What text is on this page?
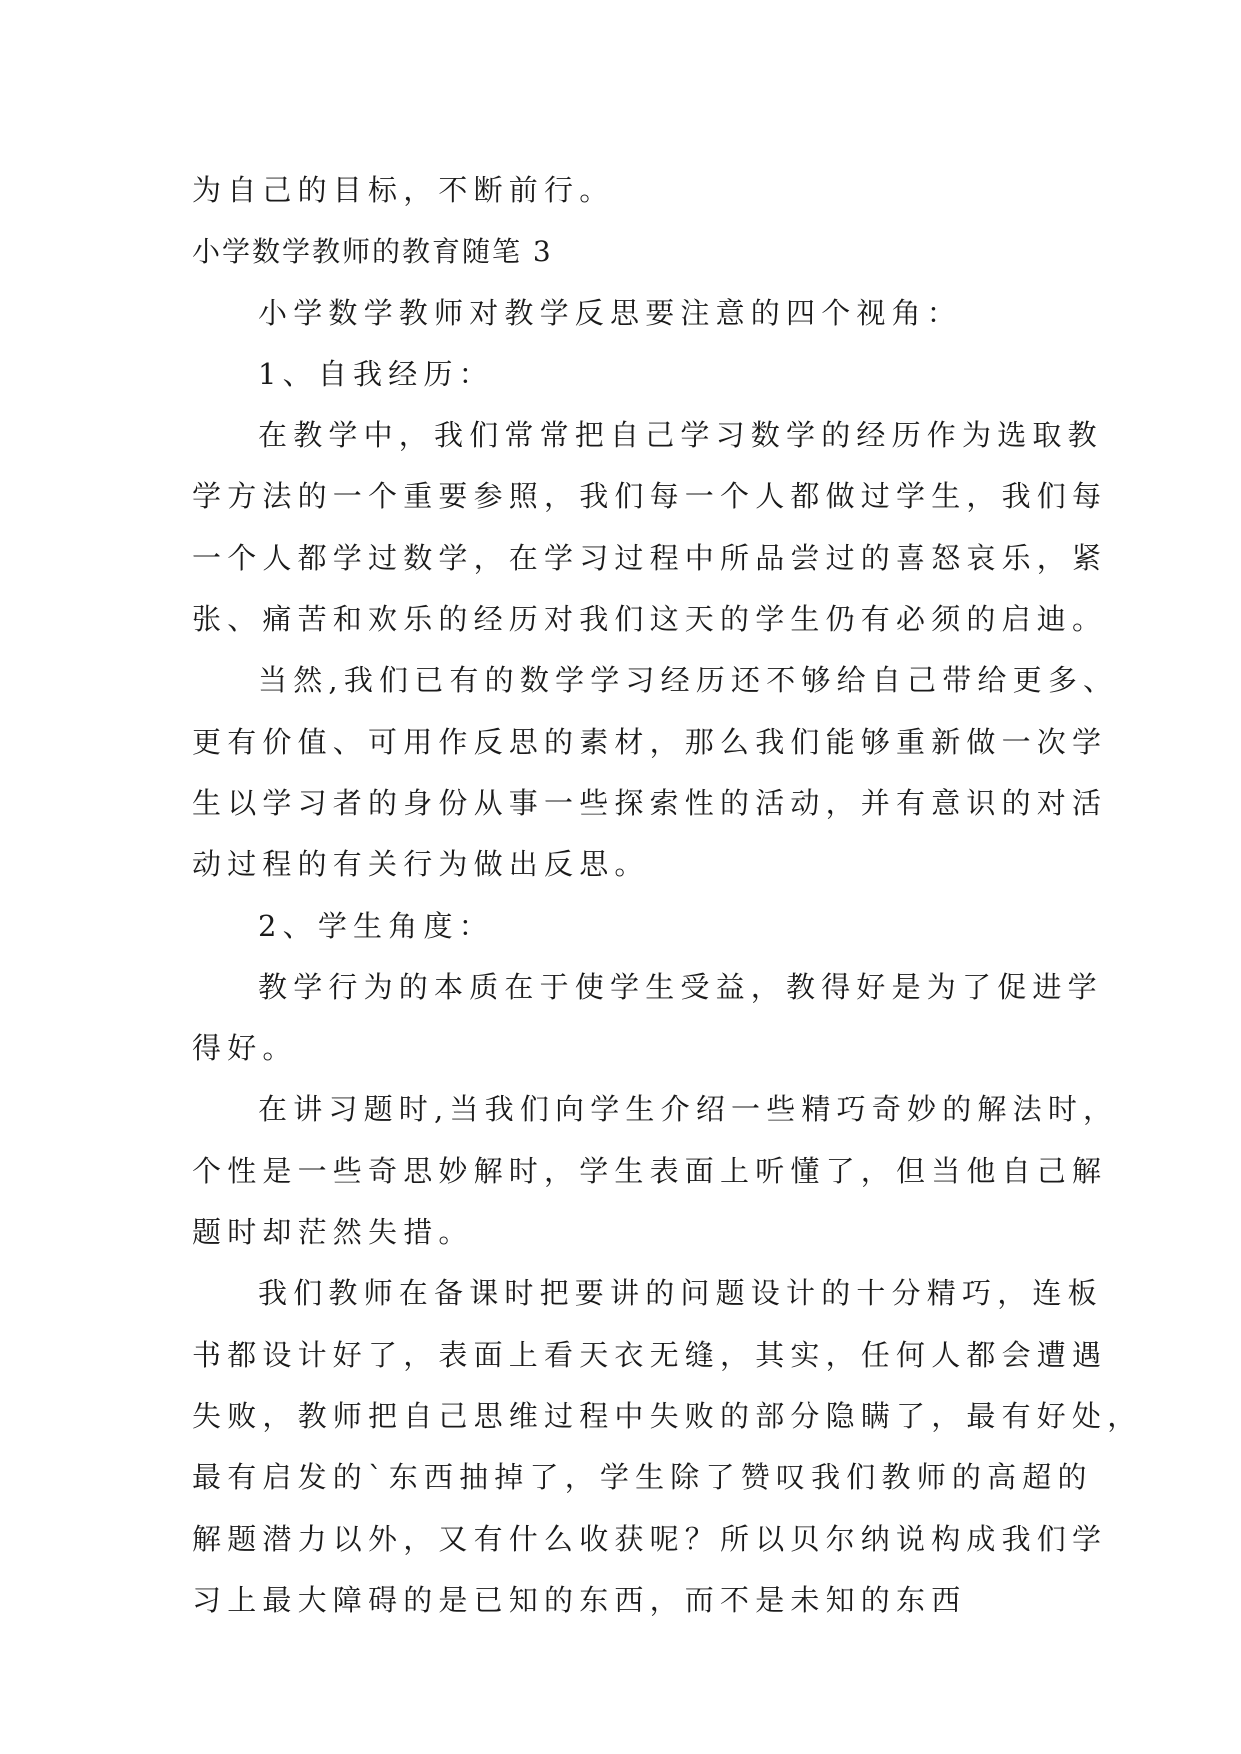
为自己的目标，不断前行。
小学数学教师的教育随笔 3
小学数学教师对教学反思要注意的四个视角：
1、自我经历：
在教学中，我们常常把自己学习数学的经历作为选取教
学方法的一个重要参照，我们每一个人都做过学生，我们每
一个人都学过数学，在学习过程中所品尝过的喜怒哀乐，紧
张、痛苦和欢乐的经历对我们这天的学生仍有必须的启迪。
当然,我们已有的数学学习经历还不够给自己带给更多、
更有价值、可用作反思的素材，那么我们能够重新做一次学
生以学习者的身份从事一些探索性的活动，并有意识的对活
动过程的有关行为做出反思。
2、学生角度：
教学行为的本质在于使学生受益，教得好是为了促进学
得好。
在讲习题时,当我们向学生介绍一些精巧奇妙的解法时，
个性是一些奇思妙解时，学生表面上听懂了，但当他自己解
题时却茫然失措。
我们教师在备课时把要讲的问题设计的十分精巧，连板
书都设计好了，表面上看天衣无缝，其实，任何人都会遭遇
失败，教师把自己思维过程中失败的部分隐瞒了，最有好处，
最有启发的`东西抽掉了，学生除了赞叹我们教师的高超的
解题潜力以外，又有什么收获呢？所以贝尔纳说构成我们学
习上最大障碍的是已知的东西，而不是未知的东西
